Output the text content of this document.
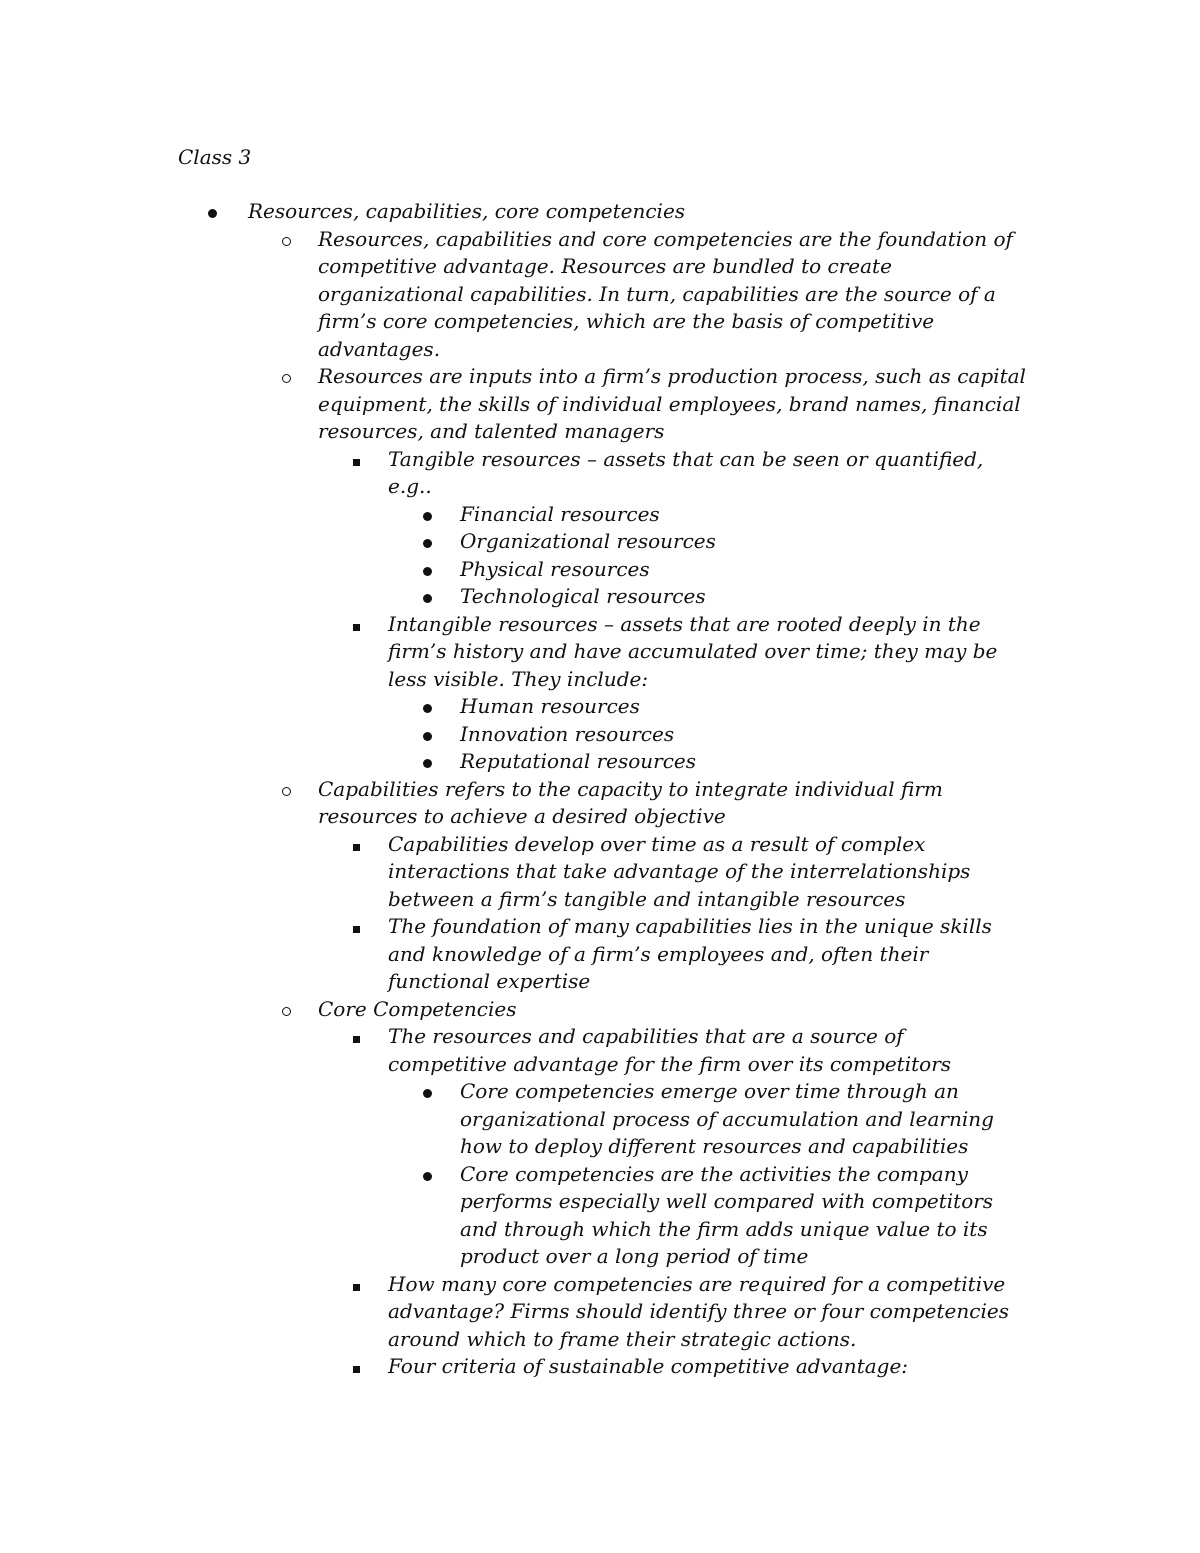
Class 3
Resources, capabilities, core competencies
Resources, capabilities and core competencies are the foundation of competitive advantage. Resources are bundled to create organizational capabilities. In turn, capabilities are the source of a firm’s core competencies, which are the basis of competitive advantages.
Resources are inputs into a firm’s production process, such as capital equipment, the skills of individual employees, brand names, financial resources, and talented managers
Tangible resources – assets that can be seen or quantified, e.g..
Financial resources
Organizational resources
Physical resources
Technological resources
Intangible resources – assets that are rooted deeply in the firm’s history and have accumulated over time; they may be less visible. They include:
Human resources
Innovation resources
Reputational resources
Capabilities refers to the capacity to integrate individual firm resources to achieve a desired objective
Capabilities develop over time as a result of complex interactions that take advantage of the interrelationships between a firm’s tangible and intangible resources
The foundation of many capabilities lies in the unique skills and knowledge of a firm’s employees and, often their functional expertise
Core Competencies
The resources and capabilities that are a source of competitive advantage for the firm over its competitors
Core competencies emerge over time through an organizational process of accumulation and learning how to deploy different resources and capabilities
Core competencies are the activities the company performs especially well compared with competitors and through which the firm adds unique value to its product over a long period of time
How many core competencies are required for a competitive advantage? Firms should identify three or four competencies around which to frame their strategic actions.
Four criteria of sustainable competitive advantage:
